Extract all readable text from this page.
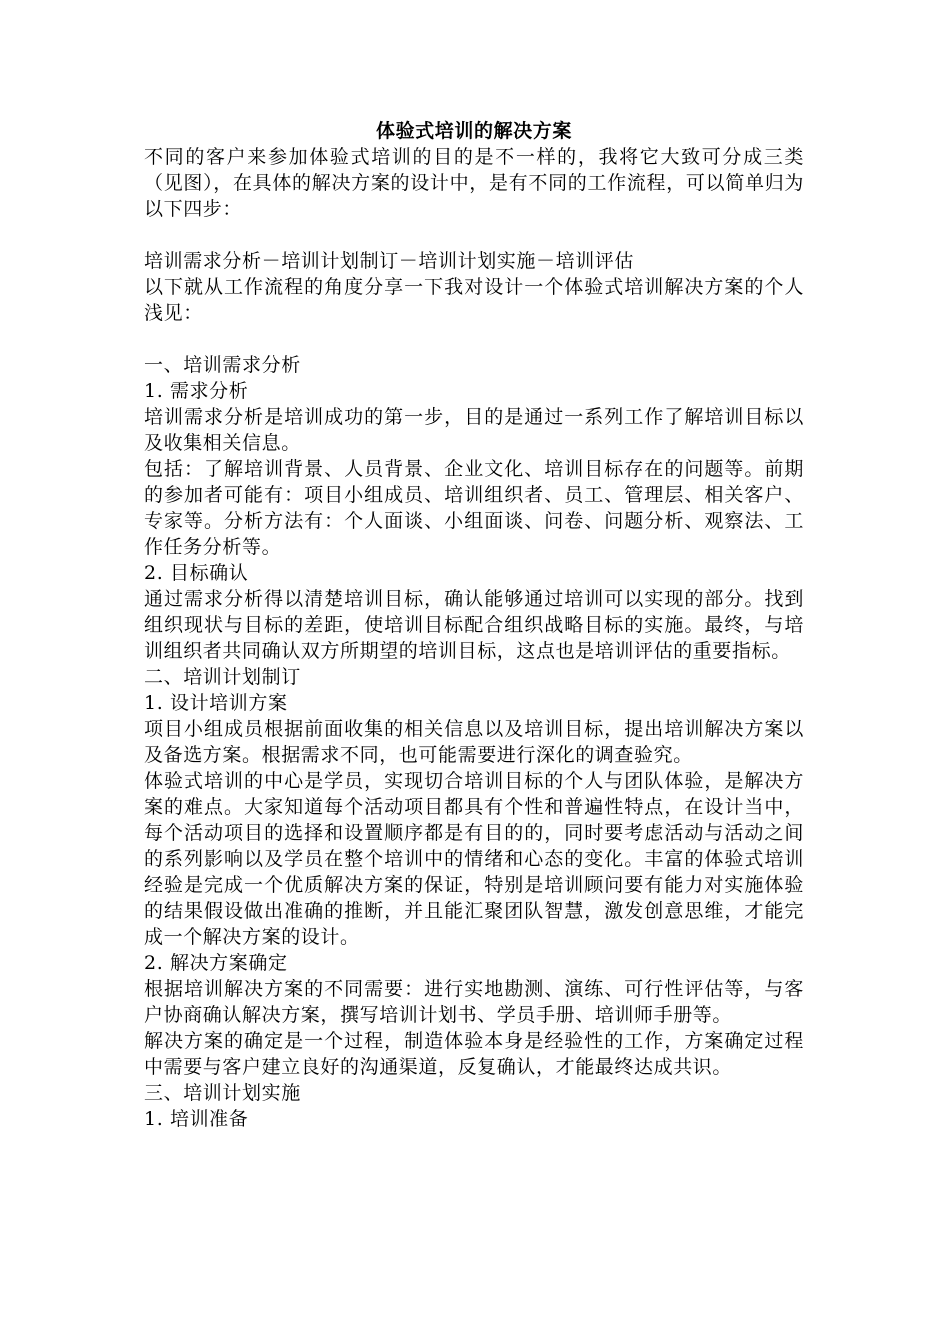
体验式培训的解决方案

不同的客户来参加体验式培训的目的是不一样的，我将它大致可分成三类（见图），在具体的解决方案的设计中，是有不同的工作流程，可以简单归为以下四步：

培训需求分析－培训计划制订－培训计划实施－培训评估

以下就从工作流程的角度分享一下我对设计一个体验式培训解决方案的个人浅见：

一、培训需求分析

1. 需求分析

培训需求分析是培训成功的第一步，目的是通过一系列工作了解培训目标以及收集相关信息。

包括：了解培训背景、人员背景、企业文化、培训目标存在的问题等。前期的参加者可能有：项目小组成员、培训组织者、员工、管理层、相关客户、专家等。分析方法有：个人面谈、小组面谈、问卷、问题分析、观察法、工作任务分析等。

2. 目标确认

通过需求分析得以清楚培训目标，确认能够通过培训可以实现的部分。找到组织现状与目标的差距，使培训目标配合组织战略目标的实施。最终，与培训组织者共同确认双方所期望的培训目标，这点也是培训评估的重要指标。

二、培训计划制订

1. 设计培训方案

项目小组成员根据前面收集的相关信息以及培训目标，提出培训解决方案以及备选方案。根据需求不同，也可能需要进行深化的调查验究。

体验式培训的中心是学员，实现切合培训目标的个人与团队体验，是解决方案的难点。大家知道每个活动项目都具有个性和普遍性特点，在设计当中，每个活动项目的选择和设置顺序都是有目的的，同时要考虑活动与活动之间的系列影响以及学员在整个培训中的情绪和心态的变化。丰富的体验式培训经验是完成一个优质解决方案的保证，特别是培训顾问要有能力对实施体验的结果假设做出准确的推断，并且能汇聚团队智慧，激发创意思维，才能完成一个解决方案的设计。

2. 解决方案确定

根据培训解决方案的不同需要：进行实地勘测、演练、可行性评估等，与客户协商确认解决方案，撰写培训计划书、学员手册、培训师手册等。

解决方案的确定是一个过程，制造体验本身是经验性的工作，方案确定过程中需要与客户建立良好的沟通渠道，反复确认，才能最终达成共识。

三、培训计划实施

1. 培训准备
